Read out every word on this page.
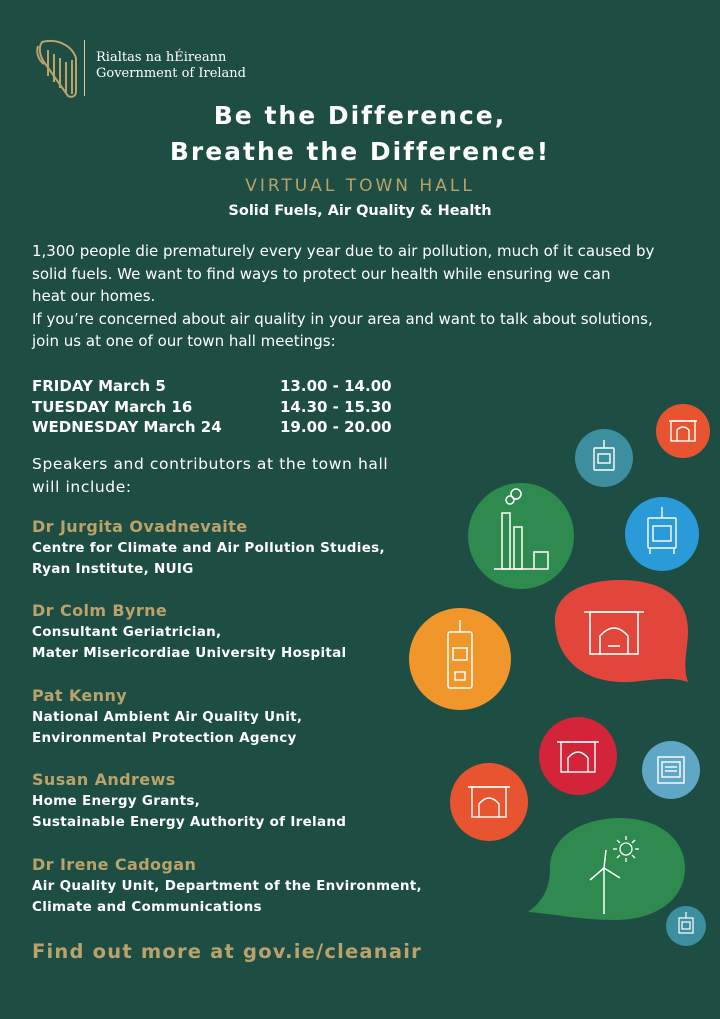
Rialtas na hÉireann
Government of Ireland
Be the Difference,
Breathe the Difference!
VIRTUAL TOWN HALL
Solid Fuels, Air Quality & Health

1,300 people die prematurely every year due to air pollution, much of it caused by

solid fuels. We want to find ways to protect our health while ensuring we can

heat our homes.

If you’re concerned about air quality in your area and want to talk about solutions,

join us at one of our town hall meetings:

FRIDAY March 5	13.00 - 14.00
TUESDAY March 16	14.30 - 15.30
WEDNESDAY March 24	19.00 - 20.00
Speakers and contributors at the town hall
will include:
Dr Jurgita Ovadnevaite
Centre for Climate and Air Pollution Studies,
Ryan Institute, NUIG
Dr Colm Byrne
Consultant Geriatrician,
Mater Misericordiae University Hospital
Pat Kenny
National Ambient Air Quality Unit,
Environmental Protection Agency
Susan Andrews
Home Energy Grants,
Sustainable Energy Authority of Ireland
Dr Irene Cadogan
Air Quality Unit, Department of the Environment,
Climate and Communications
Find out more at gov.ie/cleanair
